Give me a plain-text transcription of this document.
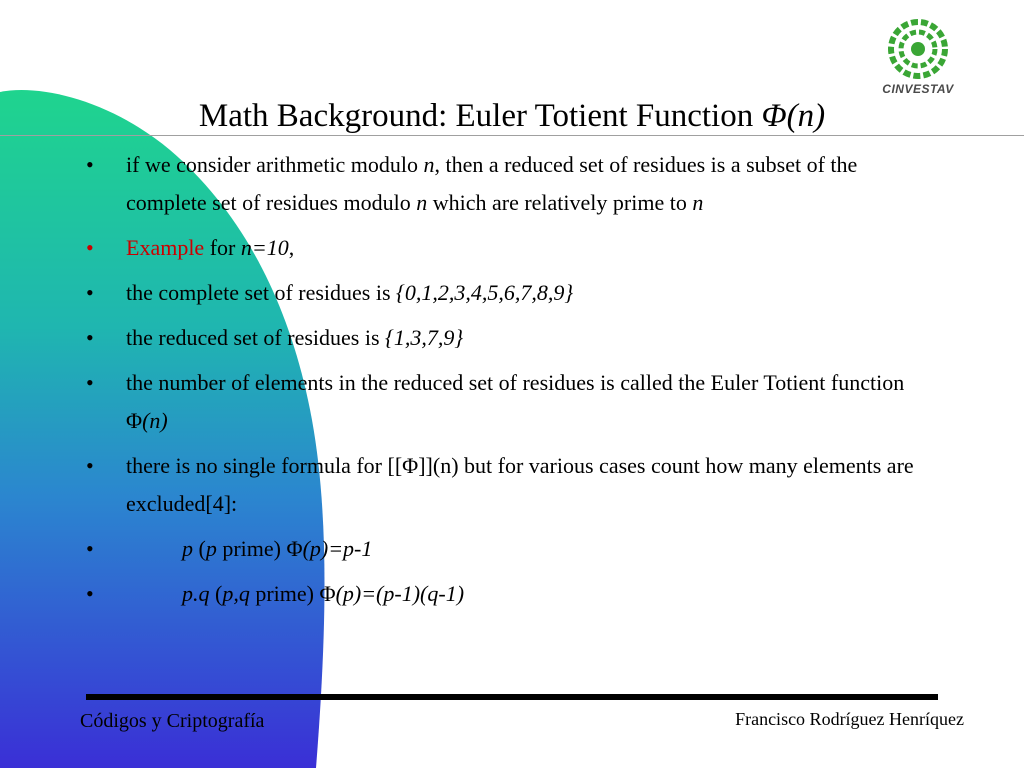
CINVESTAV
Math Background: Euler Totient Function Φ(n)
•	if we consider arithmetic modulo n, then a reduced set of residues is a subset of the complete set of residues modulo n which are relatively prime to n
•	Example for n=10,
•	the complete set of residues is {0,1,2,3,4,5,6,7,8,9}
•	the reduced set of residues is {1,3,7,9}
•	the number of elements in the reduced set of residues is called the Euler Totient function Φ(n)
•	there is no single formula for [[Φ]](n) but for various cases count how many elements are excluded[4]:
•	p (p prime) Φ(p)=p-1
•	p.q (p,q prime) Φ(p)=(p-1)(q-1)
Códigos y Criptografía	Francisco Rodríguez Henríquez
